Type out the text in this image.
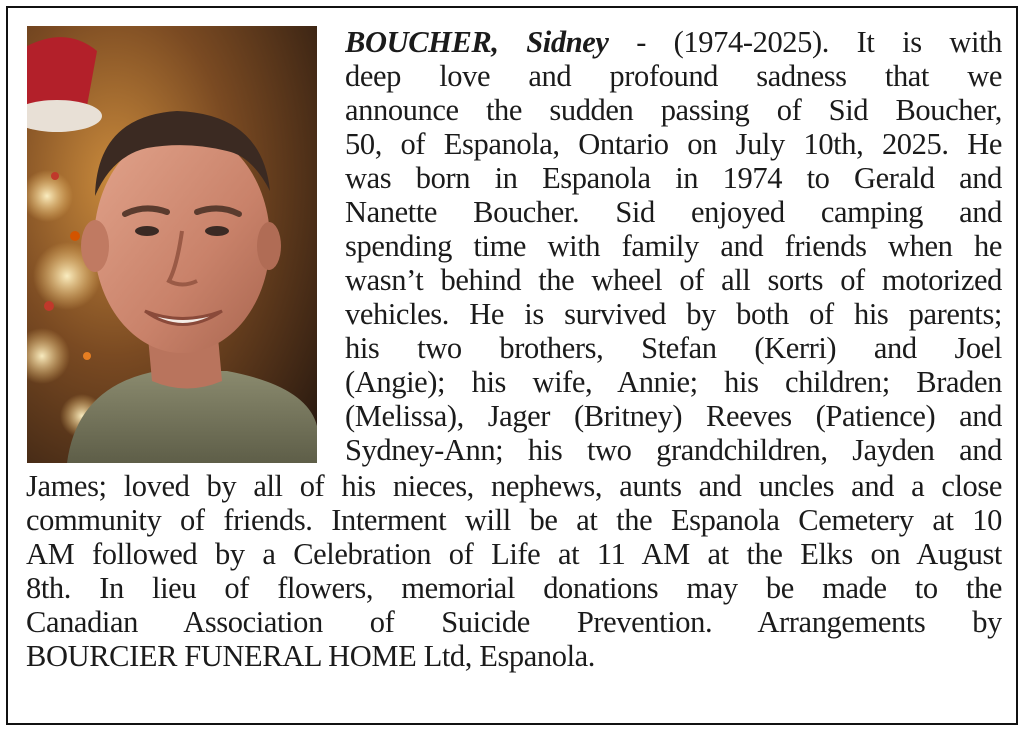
BOUCHER, Sidney - (1974-2025). It is with

deep love and profound sadness that we

announce the sudden passing of Sid Boucher,

50, of Espanola, Ontario on July 10th, 2025. He

was born in Espanola in 1974 to Gerald and

Nanette Boucher. Sid enjoyed camping and

spending time with family and friends when he

wasn’t behind the wheel of all sorts of motorized

vehicles. He is survived by both of his parents;

his two brothers, Stefan (Kerri) and Joel

(Angie); his wife, Annie; his children; Braden

(Melissa), Jager (Britney) Reeves (Patience) and

Sydney-Ann; his two grandchildren, Jayden and

James; loved by all of his nieces, nephews, aunts and uncles and a close

community of friends. Interment will be at the Espanola Cemetery at 10

AM followed by a Celebration of Life at 11 AM at the Elks on August

8th. In lieu of flowers, memorial donations may be made to the

Canadian Association of Suicide Prevention. Arrangements by

BOURCIER FUNERAL HOME Ltd, Espanola.
